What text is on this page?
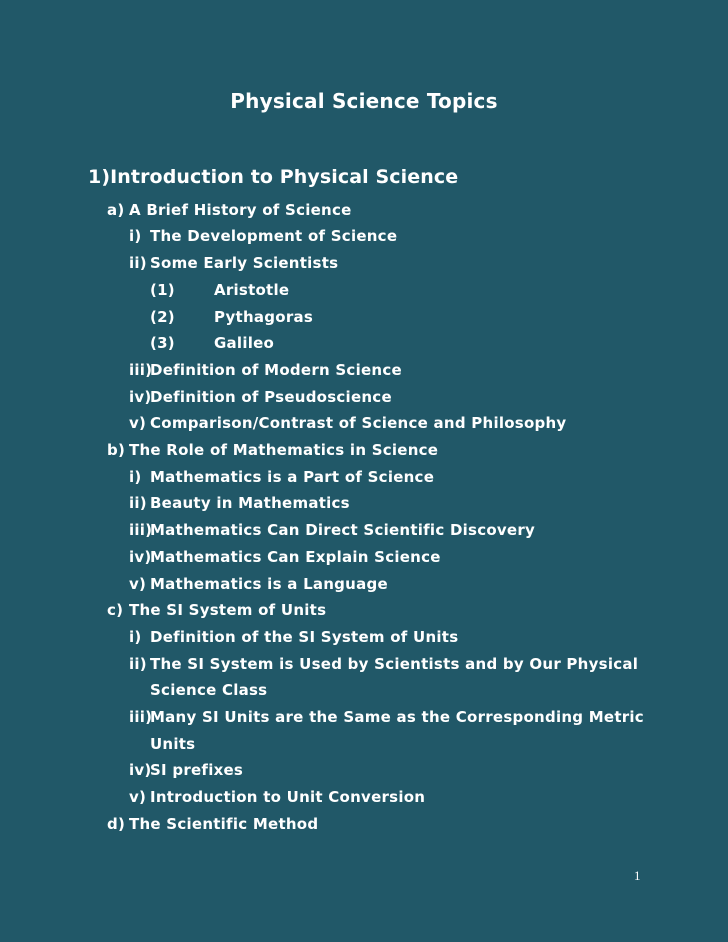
Physical Science Topics
1)Introduction to Physical Science
a) A Brief History of Science
i) The Development of Science
ii) Some Early Scientists
(1)	Aristotle
(2)	Pythagoras
(3)	Galileo
iii)
Definition of Modern Science
iv)
Definition of Pseudoscience
v) Comparison/Contrast of Science and Philosophy
b) The Role of Mathematics in Science
i) Mathematics is a Part of Science
ii) Beauty in Mathematics
iii)
Mathematics Can Direct Scientific Discovery
iv)
Mathematics Can Explain Science
v) Mathematics is a Language
c) The SI System of Units
i) Definition of the SI System of Units
ii) The SI System is Used by Scientists and by Our Physical
Science Class
iii)
Many SI Units are the Same as the Corresponding Metric
Units
iv)
SI prefixes
v) Introduction to Unit Conversion
d) The Scientific Method
1
